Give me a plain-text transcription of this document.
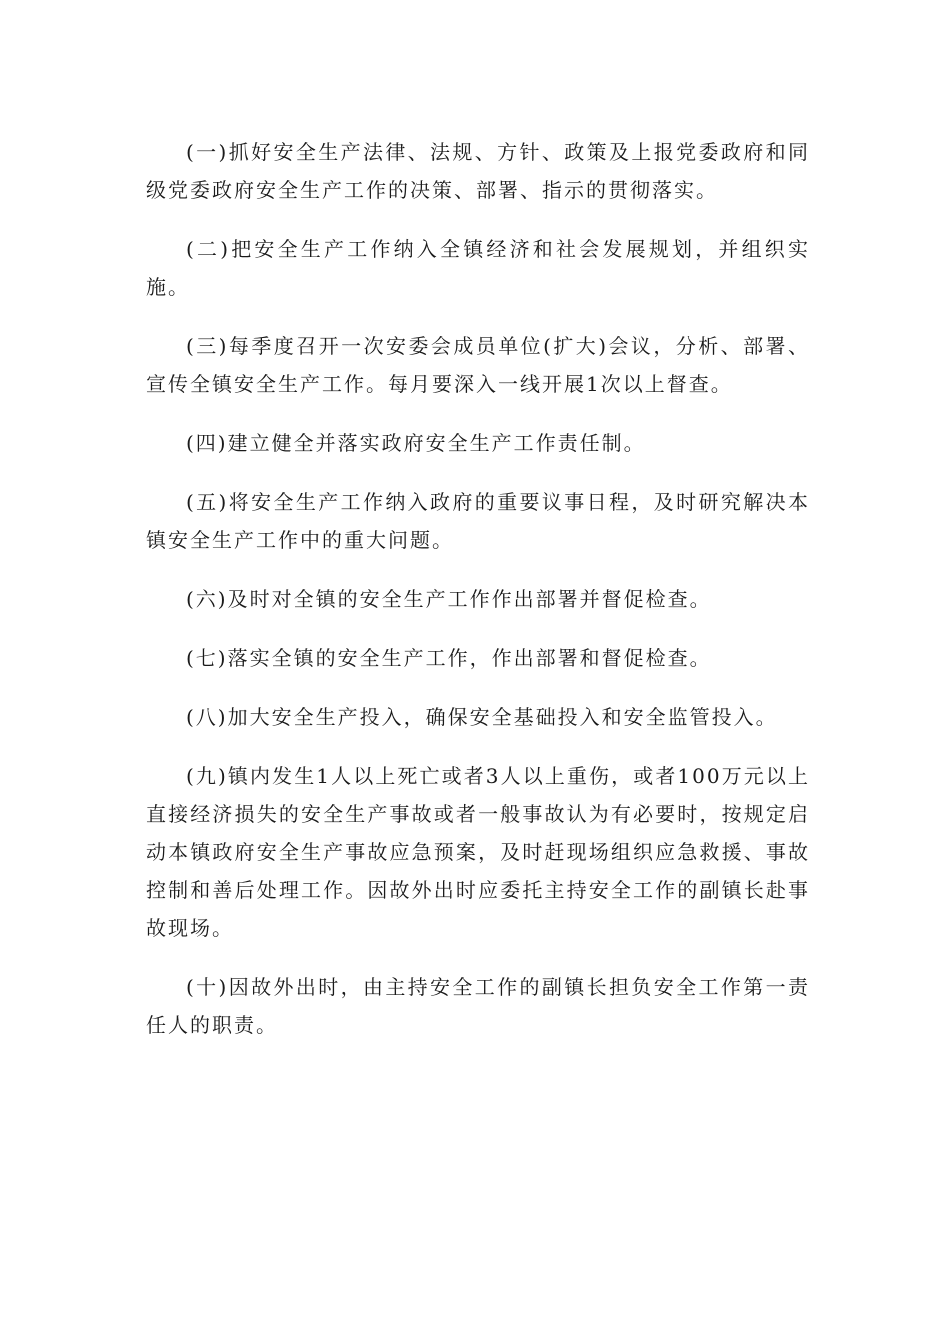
(一)抓好安全生产法律、法规、方针、政策及上报党委政府和同级党委政府安全生产工作的决策、部署、指示的贯彻落实。

(二)把安全生产工作纳入全镇经济和社会发展规划，并组织实施。

(三)每季度召开一次安委会成员单位(扩大)会议，分析、部署、宣传全镇安全生产工作。每月要深入一线开展1次以上督查。

(四)建立健全并落实政府安全生产工作责任制。

(五)将安全生产工作纳入政府的重要议事日程，及时研究解决本镇安全生产工作中的重大问题。

(六)及时对全镇的安全生产工作作出部署并督促检查。

(七)落实全镇的安全生产工作，作出部署和督促检查。

(八)加大安全生产投入，确保安全基础投入和安全监管投入。

(九)镇内发生1人以上死亡或者3人以上重伤，或者100万元以上直接经济损失的安全生产事故或者一般事故认为有必要时，按规定启动本镇政府安全生产事故应急预案，及时赶现场组织应急救援、事故控制和善后处理工作。因故外出时应委托主持安全工作的副镇长赴事故现场。

(十)因故外出时，由主持安全工作的副镇长担负安全工作第一责任人的职责。
